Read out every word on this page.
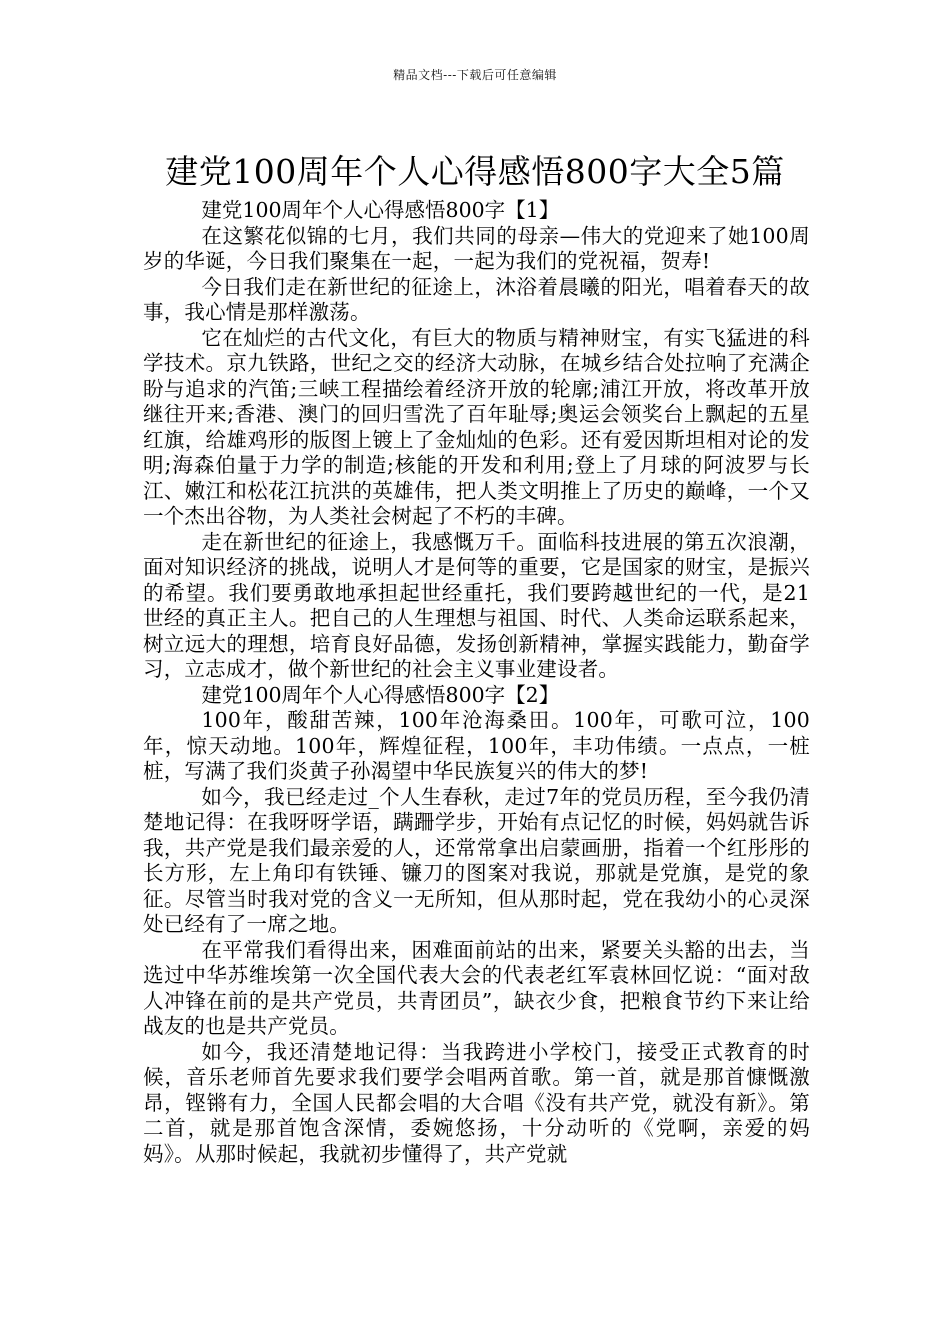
精品文档---下载后可任意编辑
建党100周年个人心得感悟800字大全5篇

建党100周年个人心得感悟800字【1】

在这繁花似锦的七月，我们共同的母亲—伟大的党迎来了她100周岁的华诞，今日我们聚集在一起，一起为我们的党祝福，贺寿!

今日我们走在新世纪的征途上，沐浴着晨曦的阳光，唱着春天的故事，我心情是那样激荡。

它在灿烂的古代文化，有巨大的物质与精神财宝，有实飞猛进的科学技术。京九铁路，世纪之交的经济大动脉，在城乡结合处拉响了充满企盼与追求的汽笛;三峡工程描绘着经济开放的轮廓;浦江开放，将改革开放继往开来;香港、澳门的回归雪洗了百年耻辱;奥运会领奖台上飘起的五星红旗，给雄鸡形的版图上镀上了金灿灿的色彩。还有爱因斯坦相对论的发明;海森伯量于力学的制造;核能的开发和利用;登上了月球的阿波罗与长江、嫩江和松花江抗洪的英雄伟，把人类文明推上了历史的巅峰，一个又一个杰出谷物，为人类社会树起了不朽的丰碑。

走在新世纪的征途上，我感慨万千。面临科技进展的第五次浪潮，面对知识经济的挑战，说明人才是何等的重要，它是国家的财宝，是振兴的希望。我们要勇敢地承担起世经重托，我们要跨越世纪的一代，是21世经的真正主人。把自己的人生理想与祖国、时代、人类命运联系起来，树立远大的理想，培育良好品德，发扬创新精神，掌握实践能力，勤奋学习，立志成才，做个新世纪的社会主义事业建设者。

建党100周年个人心得感悟800字【2】

100年，酸甜苦辣，100年沧海桑田。100年，可歌可泣，100年，惊天动地。100年，辉煌征程，100年，丰功伟绩。一点点，一桩桩，写满了我们炎黄子孙渴望中华民族复兴的伟大的梦!

如今，我已经走过_个人生春秋，走过7年的党员历程，至今我仍清楚地记得：在我呀呀学语，蹒跚学步，开始有点记忆的时候，妈妈就告诉我，共产党是我们最亲爱的人，还常常拿出启蒙画册，指着一个红彤彤的长方形，左上角印有铁锤、镰刀的图案对我说，那就是党旗，是党的象征。尽管当时我对党的含义一无所知，但从那时起，党在我幼小的心灵深处已经有了一席之地。

在平常我们看得出来，困难面前站的出来，紧要关头豁的出去，当选过中华苏维埃第一次全国代表大会的代表老红军袁林回忆说：“面对敌人冲锋在前的是共产党员，共青团员”，缺衣少食，把粮食节约下来让给战友的也是共产党员。

如今，我还清楚地记得：当我跨进小学校门，接受正式教育的时候，音乐老师首先要求我们要学会唱两首歌。第一首，就是那首慷慨激昂，铿锵有力，全国人民都会唱的大合唱《没有共产党，就没有新》。第二首，就是那首饱含深情，委婉悠扬，十分动听的《党啊，亲爱的妈妈》。从那时候起，我就初步懂得了，共产党就
